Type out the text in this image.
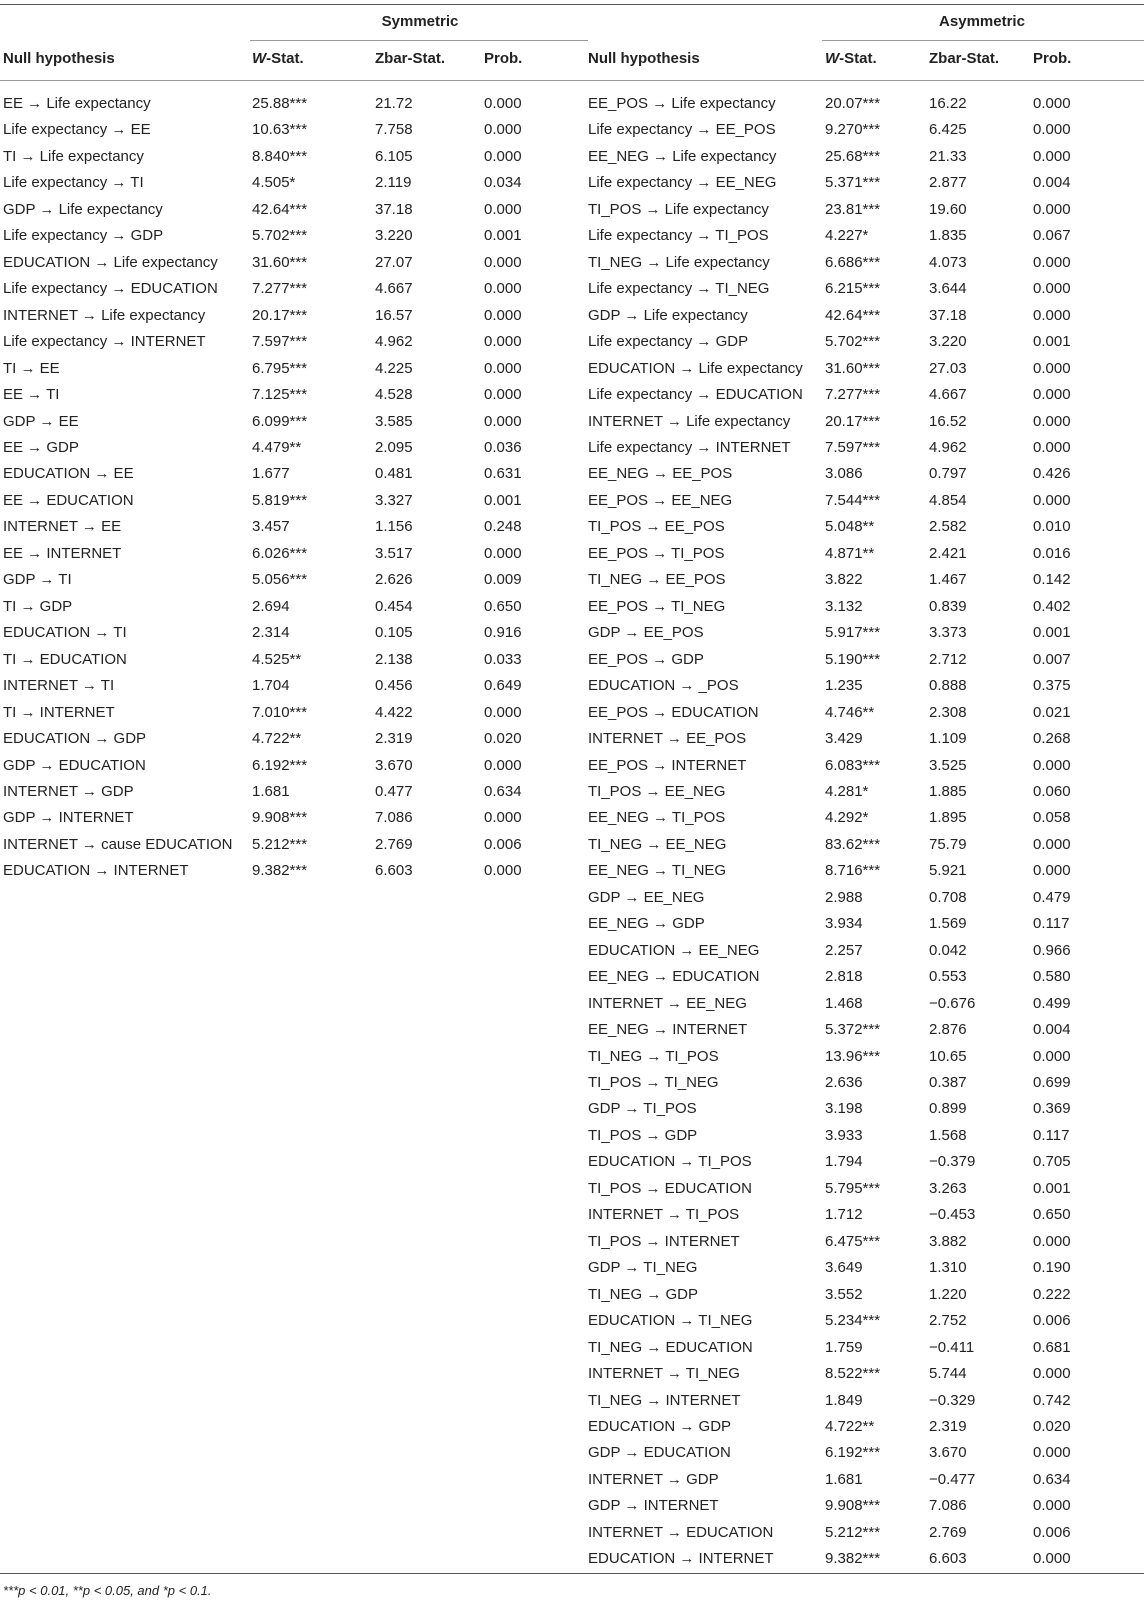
Symmetric	Asymmetric
Null hypothesis	W-Stat.	Zbar-Stat.	Prob.	Null hypothesis	W-Stat.	Zbar-Stat. Prob.
EE → Life expectancy	25.88***	21.72	0.000
Life expectancy → EE	10.63***	7.758	0.000
TI → Life expectancy	8.840***	6.105	0.000
Life expectancy → TI	4.505*	2.119	0.034
GDP → Life expectancy	42.64***	37.18	0.000
Life expectancy → GDP	5.702***	3.220	0.001
EDUCATION → Life expectancy 31.60***	27.07	0.000
Life expectancy → EDUCATION 7.277***	4.667	0.000
INTERNET → Life expectancy	20.17***	16.57	0.000
Life expectancy → INTERNET	7.597***	4.962	0.000
TI → EE	6.795***	4.225	0.000
EE → TI	7.125***	4.528	0.000
GDP → EE	6.099***	3.585	0.000
EE → GDP	4.479**	2.095	0.036
EDUCATION → EE	1.677	0.481	0.631
EE → EDUCATION	5.819***	3.327	0.001
INTERNET → EE	3.457	1.156	0.248
EE → INTERNET	6.026***	3.517	0.000
GDP → TI	5.056***	2.626	0.009
TI → GDP	2.694	0.454	0.650
EDUCATION → TI	2.314	0.105	0.916
TI → EDUCATION	4.525**	2.138	0.033
INTERNET → TI	1.704	0.456	0.649
TI → INTERNET	7.010***	4.422	0.000
EDUCATION → GDP	4.722**	2.319	0.020
GDP → EDUCATION	6.192***	3.670	0.000
INTERNET → GDP	1.681	0.477	0.634
GDP → INTERNET	9.908***	7.086	0.000
INTERNET → cause EDUCATION 5.212***	2.769	0.006
EDUCATION → INTERNET	9.382***	6.603	0.000
EE_POS → Life expectancy	20.07***	16.22	0.000
Life expectancy → EE_POS	9.270***	6.425	0.000
EE_NEG → Life expectancy	25.68***	21.33	0.000
Life expectancy → EE_NEG	5.371***	2.877	0.004
TI_POS → Life expectancy	23.81***	19.60	0.000
Life expectancy → TI_POS	4.227*	1.835	0.067
TI_NEG → Life expectancy	6.686***	4.073	0.000
Life expectancy → TI_NEG	6.215***	3.644	0.000
GDP → Life expectancy	42.64***	37.18	0.000
Life expectancy → GDP	5.702***	3.220	0.001
EDUCATION → Life expectancy 31.60***	27.03	0.000
Life expectancy → EDUCATION 7.277***	4.667	0.000
INTERNET → Life expectancy 20.17***	16.52	0.000
Life expectancy → INTERNET 7.597***	4.962	0.000
EE_NEG → EE_POS	3.086	0.797	0.426
EE_POS → EE_NEG	7.544***	4.854	0.000
TI_POS → EE_POS	5.048**	2.582	0.010
EE_POS → TI_POS	4.871**	2.421	0.016
TI_NEG → EE_POS	3.822	1.467	0.142
EE_POS → TI_NEG	3.132	0.839	0.402
GDP → EE_POS	5.917***	3.373	0.001
EE_POS → GDP	5.190***	2.712	0.007
EDUCATION → _POS	1.235	0.888	0.375
EE_POS → EDUCATION	4.746**	2.308	0.021
INTERNET → EE_POS	3.429	1.109	0.268
EE_POS → INTERNET	6.083***	3.525	0.000
TI_POS → EE_NEG	4.281*	1.885	0.060
EE_NEG → TI_POS	4.292*	1.895	0.058
TI_NEG → EE_NEG	83.62***	75.79	0.000
EE_NEG → TI_NEG	8.716***	5.921	0.000
GDP → EE_NEG	2.988	0.708	0.479
EE_NEG → GDP	3.934	1.569	0.117
EDUCATION → EE_NEG	2.257	0.042	0.966
EE_NEG → EDUCATION	2.818	0.553	0.580
INTERNET → EE_NEG	1.468	−0.676	0.499
EE_NEG → INTERNET	5.372***	2.876	0.004
TI_NEG → TI_POS	13.96***	10.65	0.000
TI_POS → TI_NEG	2.636	0.387	0.699
GDP → TI_POS	3.198	0.899	0.369
TI_POS → GDP	3.933	1.568	0.117
EDUCATION → TI_POS	1.794	−0.379	0.705
TI_POS → EDUCATION	5.795***	3.263	0.001
INTERNET → TI_POS	1.712	−0.453	0.650
TI_POS → INTERNET	6.475***	3.882	0.000
GDP → TI_NEG	3.649	1.310	0.190
TI_NEG → GDP	3.552	1.220	0.222
EDUCATION → TI_NEG	5.234***	2.752	0.006
TI_NEG → EDUCATION	1.759	−0.411	0.681
INTERNET → TI_NEG	8.522***	5.744	0.000
TI_NEG → INTERNET	1.849	−0.329	0.742
EDUCATION → GDP	4.722**	2.319	0.020
GDP → EDUCATION	6.192***	3.670	0.000
INTERNET → GDP	1.681	−0.477	0.634
GDP → INTERNET	9.908***	7.086	0.000
INTERNET → EDUCATION	5.212***	2.769	0.006
EDUCATION → INTERNET	9.382***	6.603	0.000
***p < 0.01, **p < 0.05, and *p < 0.1.
